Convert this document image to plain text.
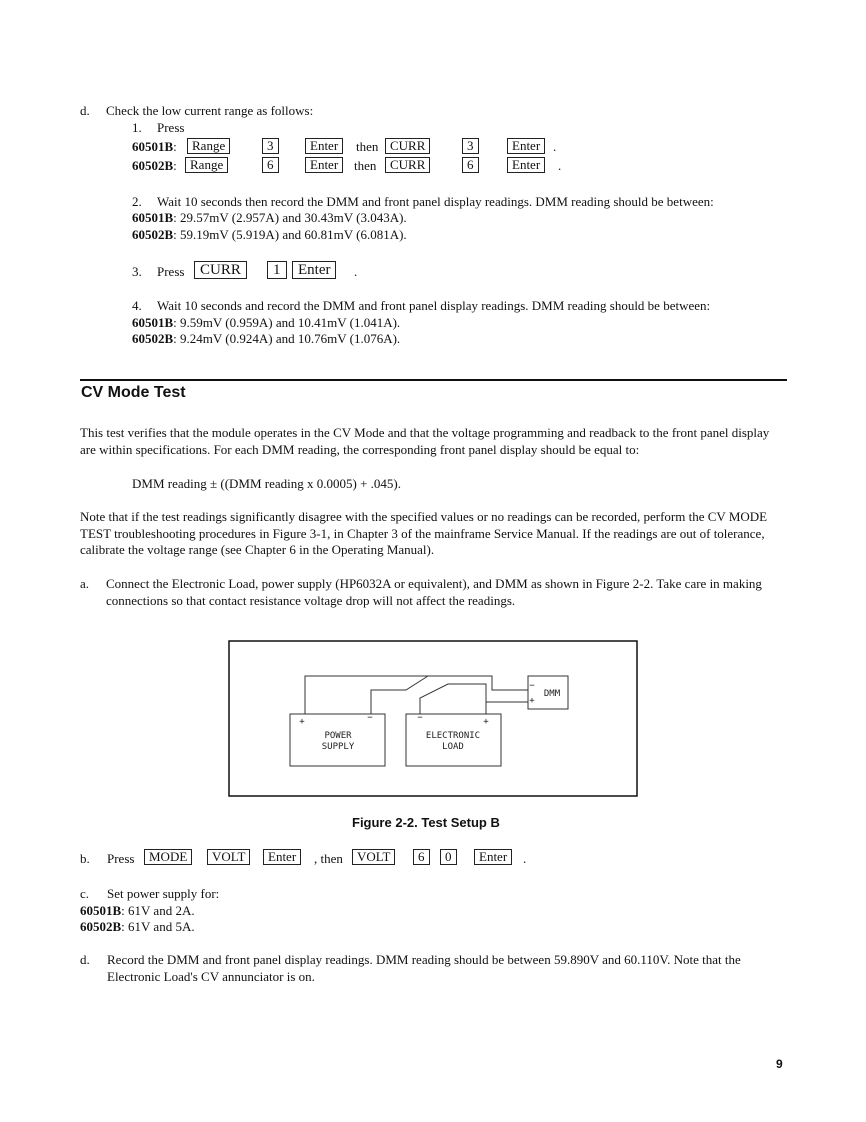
d. Check the low current range as follows:
1. Press
60501B:	Range	3	Enter	then CURR	3	Enter .
60502B:	Range	6	Enter	then	CURR	6	Enter	.
2. Wait 10 seconds then record the DMM and front panel display readings. DMM reading should be between:
60501B: 29.57mV (2.957A) and 30.43mV (3.043A).
60502B: 59.19mV (5.919A) and 60.81mV (6.081A).
3. Press	CURR	1	Enter	.
4. Wait 10 seconds and record the DMM and front panel display readings. DMM reading should be between:
60501B: 9.59mV (0.959A) and 10.41mV (1.041A).
60502B: 9.24mV (0.924A) and 10.76mV (1.076A).
CV Mode Test
This test verifies that the module operates in the CV Mode and that the voltage programming and readback to the front panel display are within specifications. For each DMM reading, the corresponding front panel display should be equal to:
DMM reading ± ((DMM reading x 0.0005) + .045).
Note that if the test readings significantly disagree with the specified values or no readings can be recorded, perform the CV MODE TEST troubleshooting procedures in Figure 3-1, in Chapter 3 of the mainframe Service Manual. If the readings are out of tolerance, calibrate the voltage range (see Chapter 6 in the Operating Manual).
a. Connect the Electronic Load, power supply (HP6032A or equivalent), and DMM as shown in Figure 2-2. Take care in making connections so that contact resistance voltage drop will not affect the readings.
POWER
SUPPLY
+	−
ELECTRONIC
LOAD
−	+
DMM
−
+
Figure 2-2. Test Setup B
b. Press	MODE	VOLT	Enter	, then	VOLT	6	0	Enter	.
c. Set power supply for:
60501B: 61V and 2A.
60502B: 61V and 5A.
d. Record the DMM and front panel display readings. DMM reading should be between 59.890V and 60.110V. Note that the Electronic Load's CV annunciator is on.
9
